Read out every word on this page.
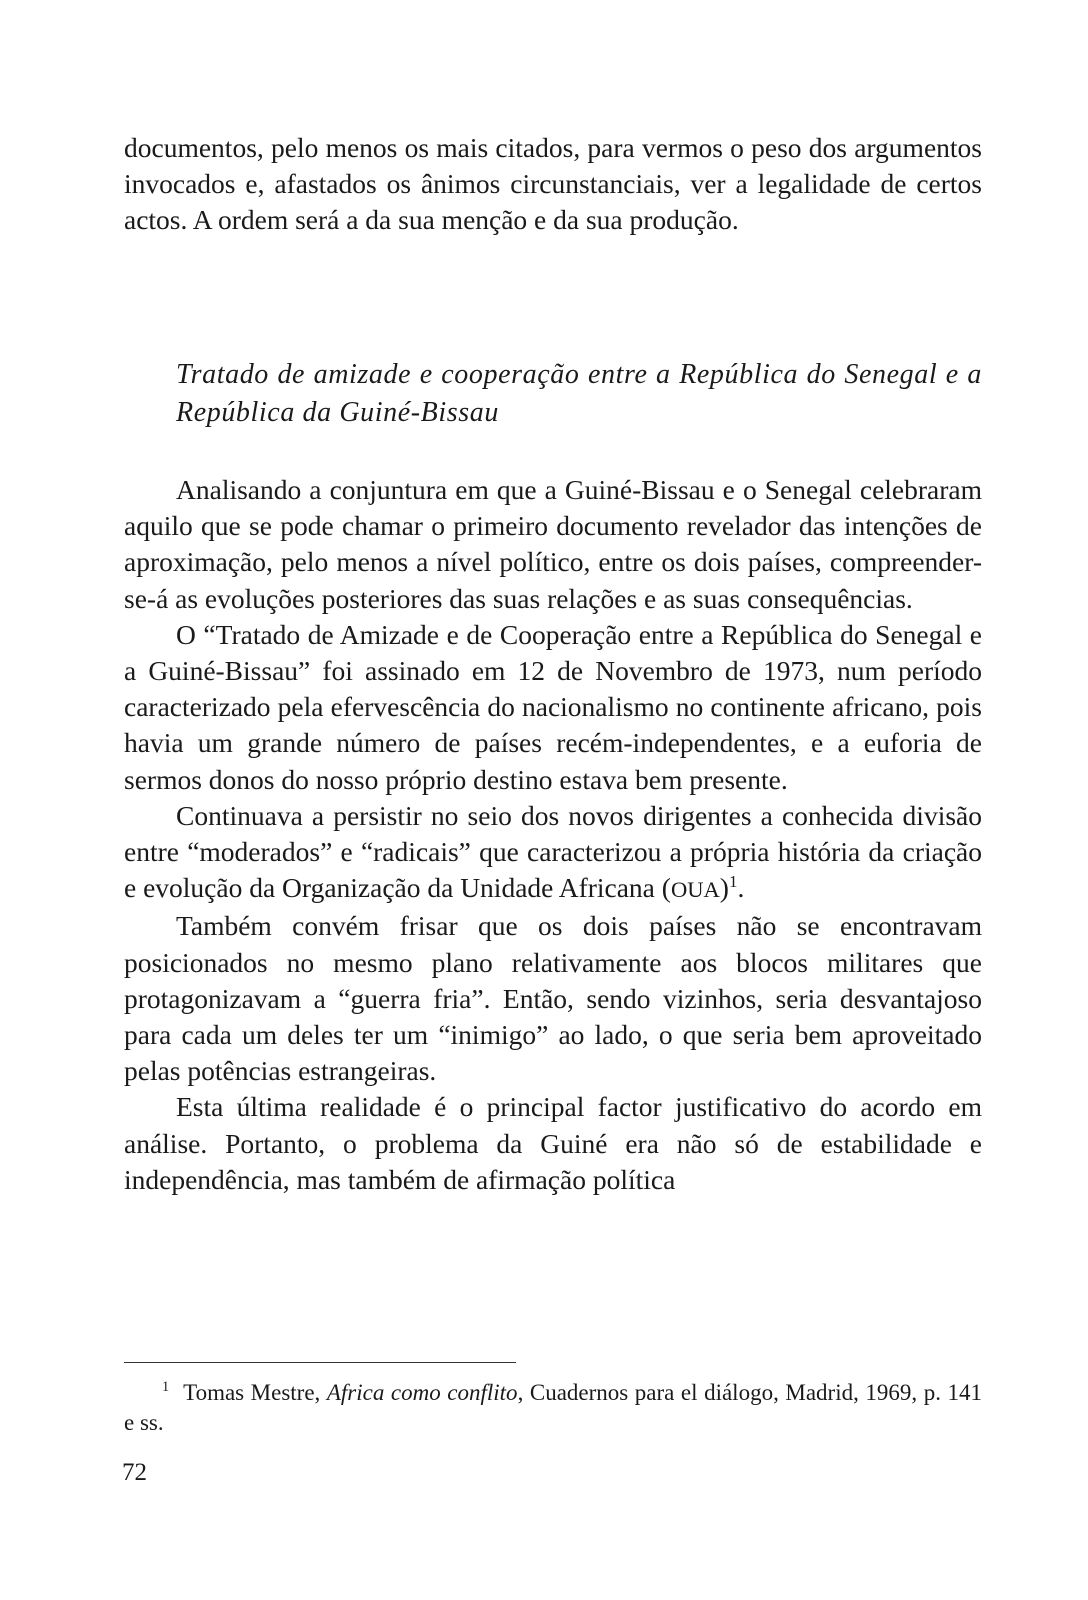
documentos, pelo menos os mais citados, para vermos o peso dos argumentos invocados e, afastados os ânimos circunstanciais, ver a legalidade de certos actos. A ordem será a da sua menção e da sua produção.
Tratado de amizade e cooperação entre a República do Senegal e a República da Guiné-Bissau

Analisando a conjuntura em que a Guiné-Bissau e o Senegal celebraram aquilo que se pode chamar o primeiro documento revelador das intenções de aproximação, pelo menos a nível político, entre os dois países, compreender-se-á as evoluções posteriores das suas relações e as suas consequências.

O “Tratado de Amizade e de Cooperação entre a República do Senegal e a Guiné-Bissau” foi assinado em 12 de Novembro de 1973, num período caracterizado pela efervescência do nacionalismo no continente africano, pois havia um grande número de países recém-independentes, e a euforia de sermos donos do nosso próprio destino estava bem presente.

Continuava a persistir no seio dos novos dirigentes a conhecida divisão entre “moderados” e “radicais” que caracterizou a própria história da criação e evolução da Organização da Unidade Africana (OUA)$^1$.

Também convém frisar que os dois países não se encontravam posicionados no mesmo plano relativamente aos blocos militares que protagonizavam a “guerra fria”. Então, sendo vizinhos, seria desvantajoso para cada um deles ter um “inimigo” ao lado, o que seria bem aproveitado pelas potências estrangeiras.

Esta última realidade é o principal factor justificativo do acordo em análise. Portanto, o problema da Guiné era não só de estabilidade e independência, mas também de afirmação política

$^1$ Tomas Mestre, Africa como conflito, Cuadernos para el diálogo, Madrid, 1969, p. 141 e ss.
72
